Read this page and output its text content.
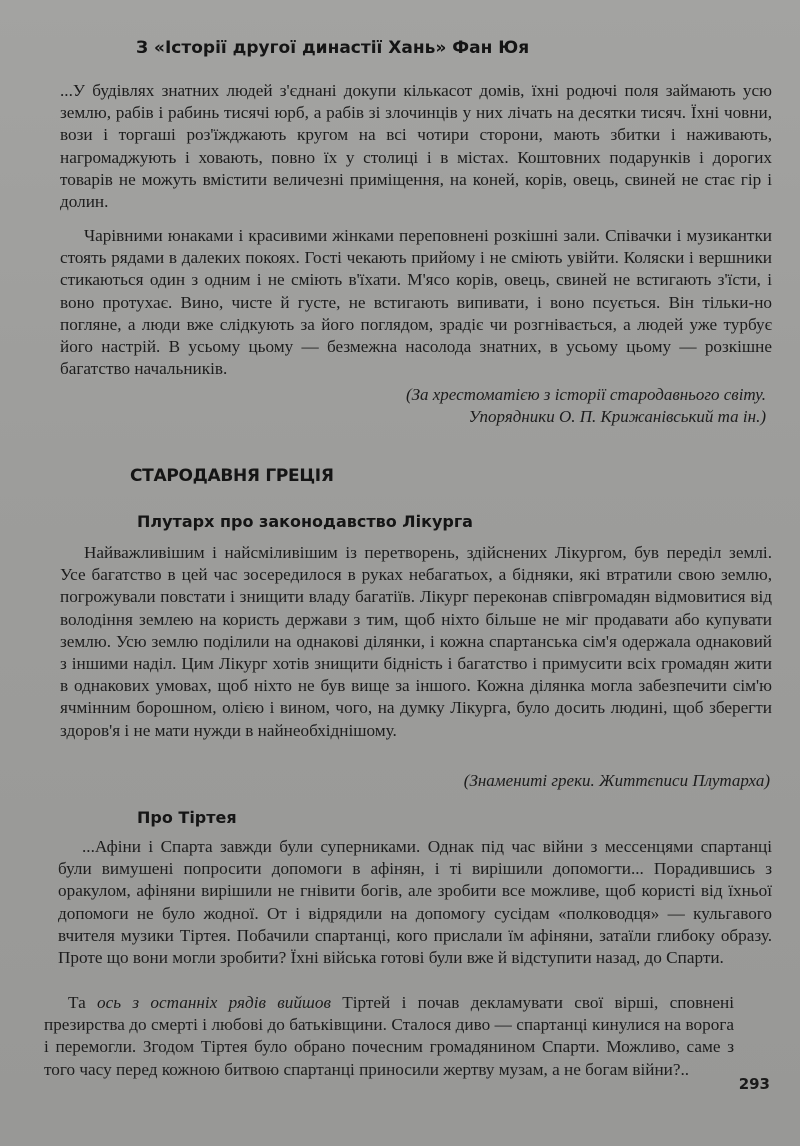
З «Історії другої династії Хань» Фан Юя
...У будівлях знатних людей з'єднані докупи кількасот домів, їхні родючі поля займають усю землю, рабів і рабинь тисячі юрб, а рабів зі злочинців у них лічать на десятки тисяч. Їхні човни, вози і торгаші роз'їжджають кругом на всі чотири сторони, мають збитки і наживають, нагромаджують і ховають, повно їх у столиці і в містах. Коштовних подарунків і дорогих товарів не можуть вмістити величезні приміщення, на коней, корів, овець, свиней не стає гір і долин.
Чарівними юнаками і красивими жінками переповнені розкішні зали. Співачки і музикантки стоять рядами в далеких покоях. Гості чекають прийому і не сміють увійти. Коляски і вершники стикаються один з одним і не сміють в'їхати. М'ясо корів, овець, свиней не встигають з'їсти, і воно протухає. Вино, чисте й густе, не встигають випивати, і воно псується. Він тільки-но погляне, а люди вже слідкують за його поглядом, зрадіє чи розгнівається, а людей уже турбує його настрій. В усьому цьому — безмежна насолода знатних, в усьому цьому — розкішне багатство начальників.
(За хрестоматією з історії стародавнього світу.
Упорядники О. П. Крижанівський та ін.)
СТАРОДАВНЯ ГРЕЦІЯ
Плутарх про законодавство Лікурга
Найважливішим і найсміливішим із перетворень, здійснених Лікургом, був переділ землі. Усе багатство в цей час зосередилося в руках небагатьох, а бідняки, які втратили свою землю, погрожували повстати і знищити владу багатіїв. Лікург переконав співгромадян відмовитися від володіння землею на користь держави з тим, щоб ніхто більше не міг продавати або купувати землю. Усю землю поділили на однакові ділянки, і кожна спартанська сім'я одержала однаковий з іншими наділ. Цим Лікург хотів знищити бідність і багатство і примусити всіх громадян жити в однакових умовах, щоб ніхто не був вище за іншого. Кожна ділянка могла забезпечити сім'ю ячмінним борошном, олією і вином, чого, на думку Лікурга, було досить людині, щоб зберегти здоров'я і не мати нужди в найнеобхіднішому.
(Знамениті греки. Життєписи Плутарха)
Про Тіртея
...Афіни і Спарта завжди були суперниками. Однак під час війни з мессенцями спартанці були вимушені попросити допомоги в афінян, і ті вирішили допомогти... Порадившись з оракулом, афіняни вирішили не гнівити богів, але зробити все можливе, щоб користі від їхньої допомоги не було жодної. От і відрядили на допомогу сусідам «полководця» — кульгавого вчителя музики Тіртея. Побачили спартанці, кого прислали їм афіняни, затаїли глибоку образу. Проте що вони могли зробити? Їхні війська готові були вже й відступити назад, до Спарти.
Та ось з останніх рядів вийшов Тіртей і почав декламувати свої вірші, сповнені презирства до смерті і любові до батьківщини. Сталося диво — спартанці кинулися на ворога і перемогли. Згодом Тіртея було обрано почесним громадянином Спарти. Можливо, саме з того часу перед кожною битвою спартанці приносили жертву музам, а не богам війни?..
293
